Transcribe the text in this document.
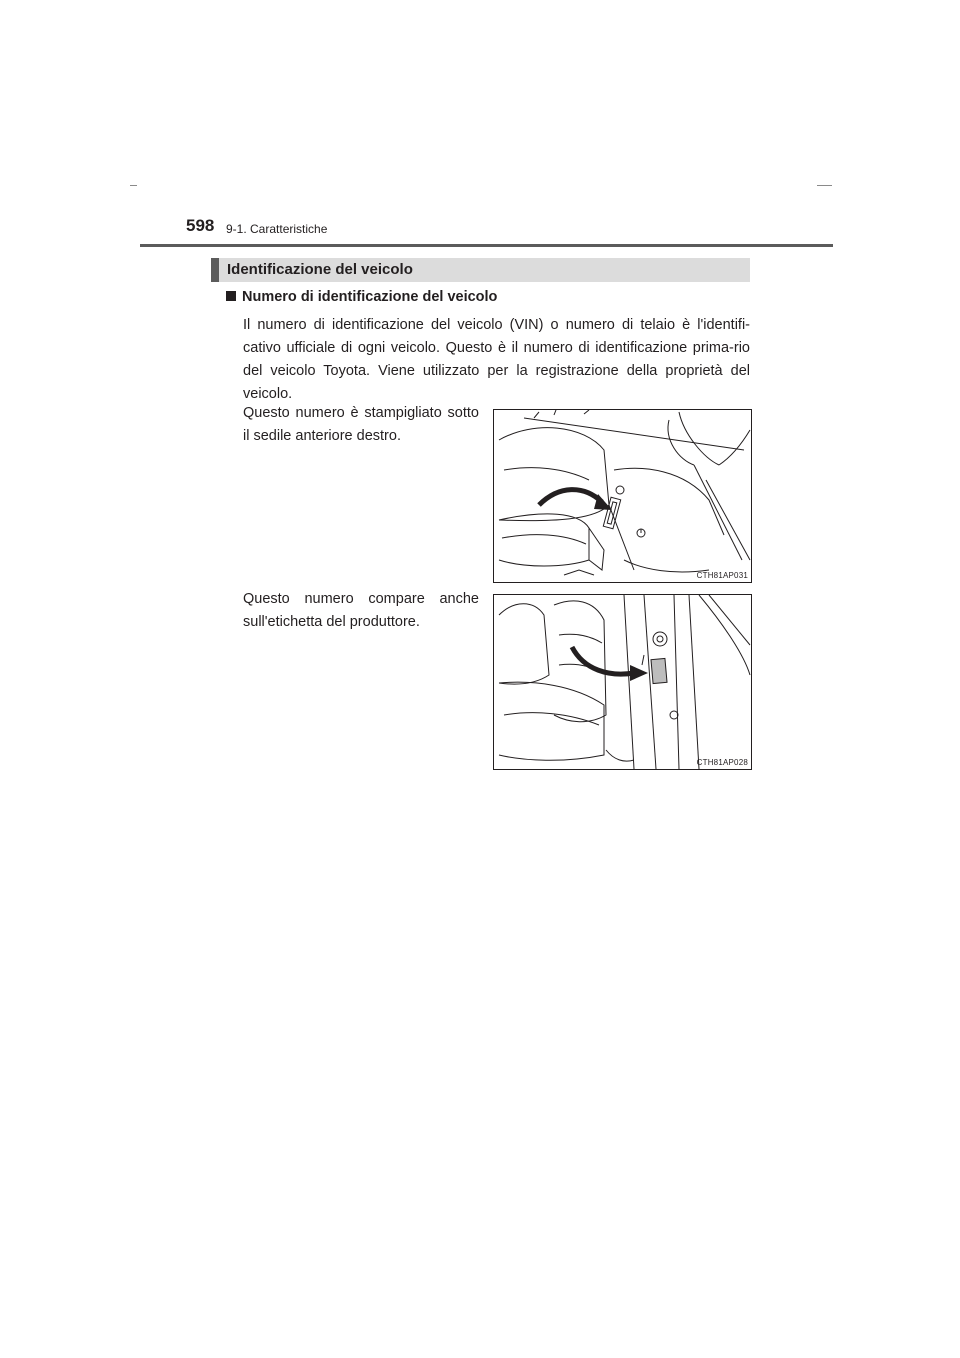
598 9-1. Caratteristiche
Identificazione del veicolo
Numero di identificazione del veicolo
Il numero di identificazione del veicolo (VIN) o numero di telaio è l'identifi-cativo ufficiale di ogni veicolo. Questo è il numero di identificazione prima-rio del veicolo Toyota. Viene utilizzato per la registrazione della proprietà del veicolo.
Questo numero è stampigliato sotto il sedile anteriore destro.
Questo numero compare anche sull'etichetta del produttore.
CTH81AP031
CTH81AP028
